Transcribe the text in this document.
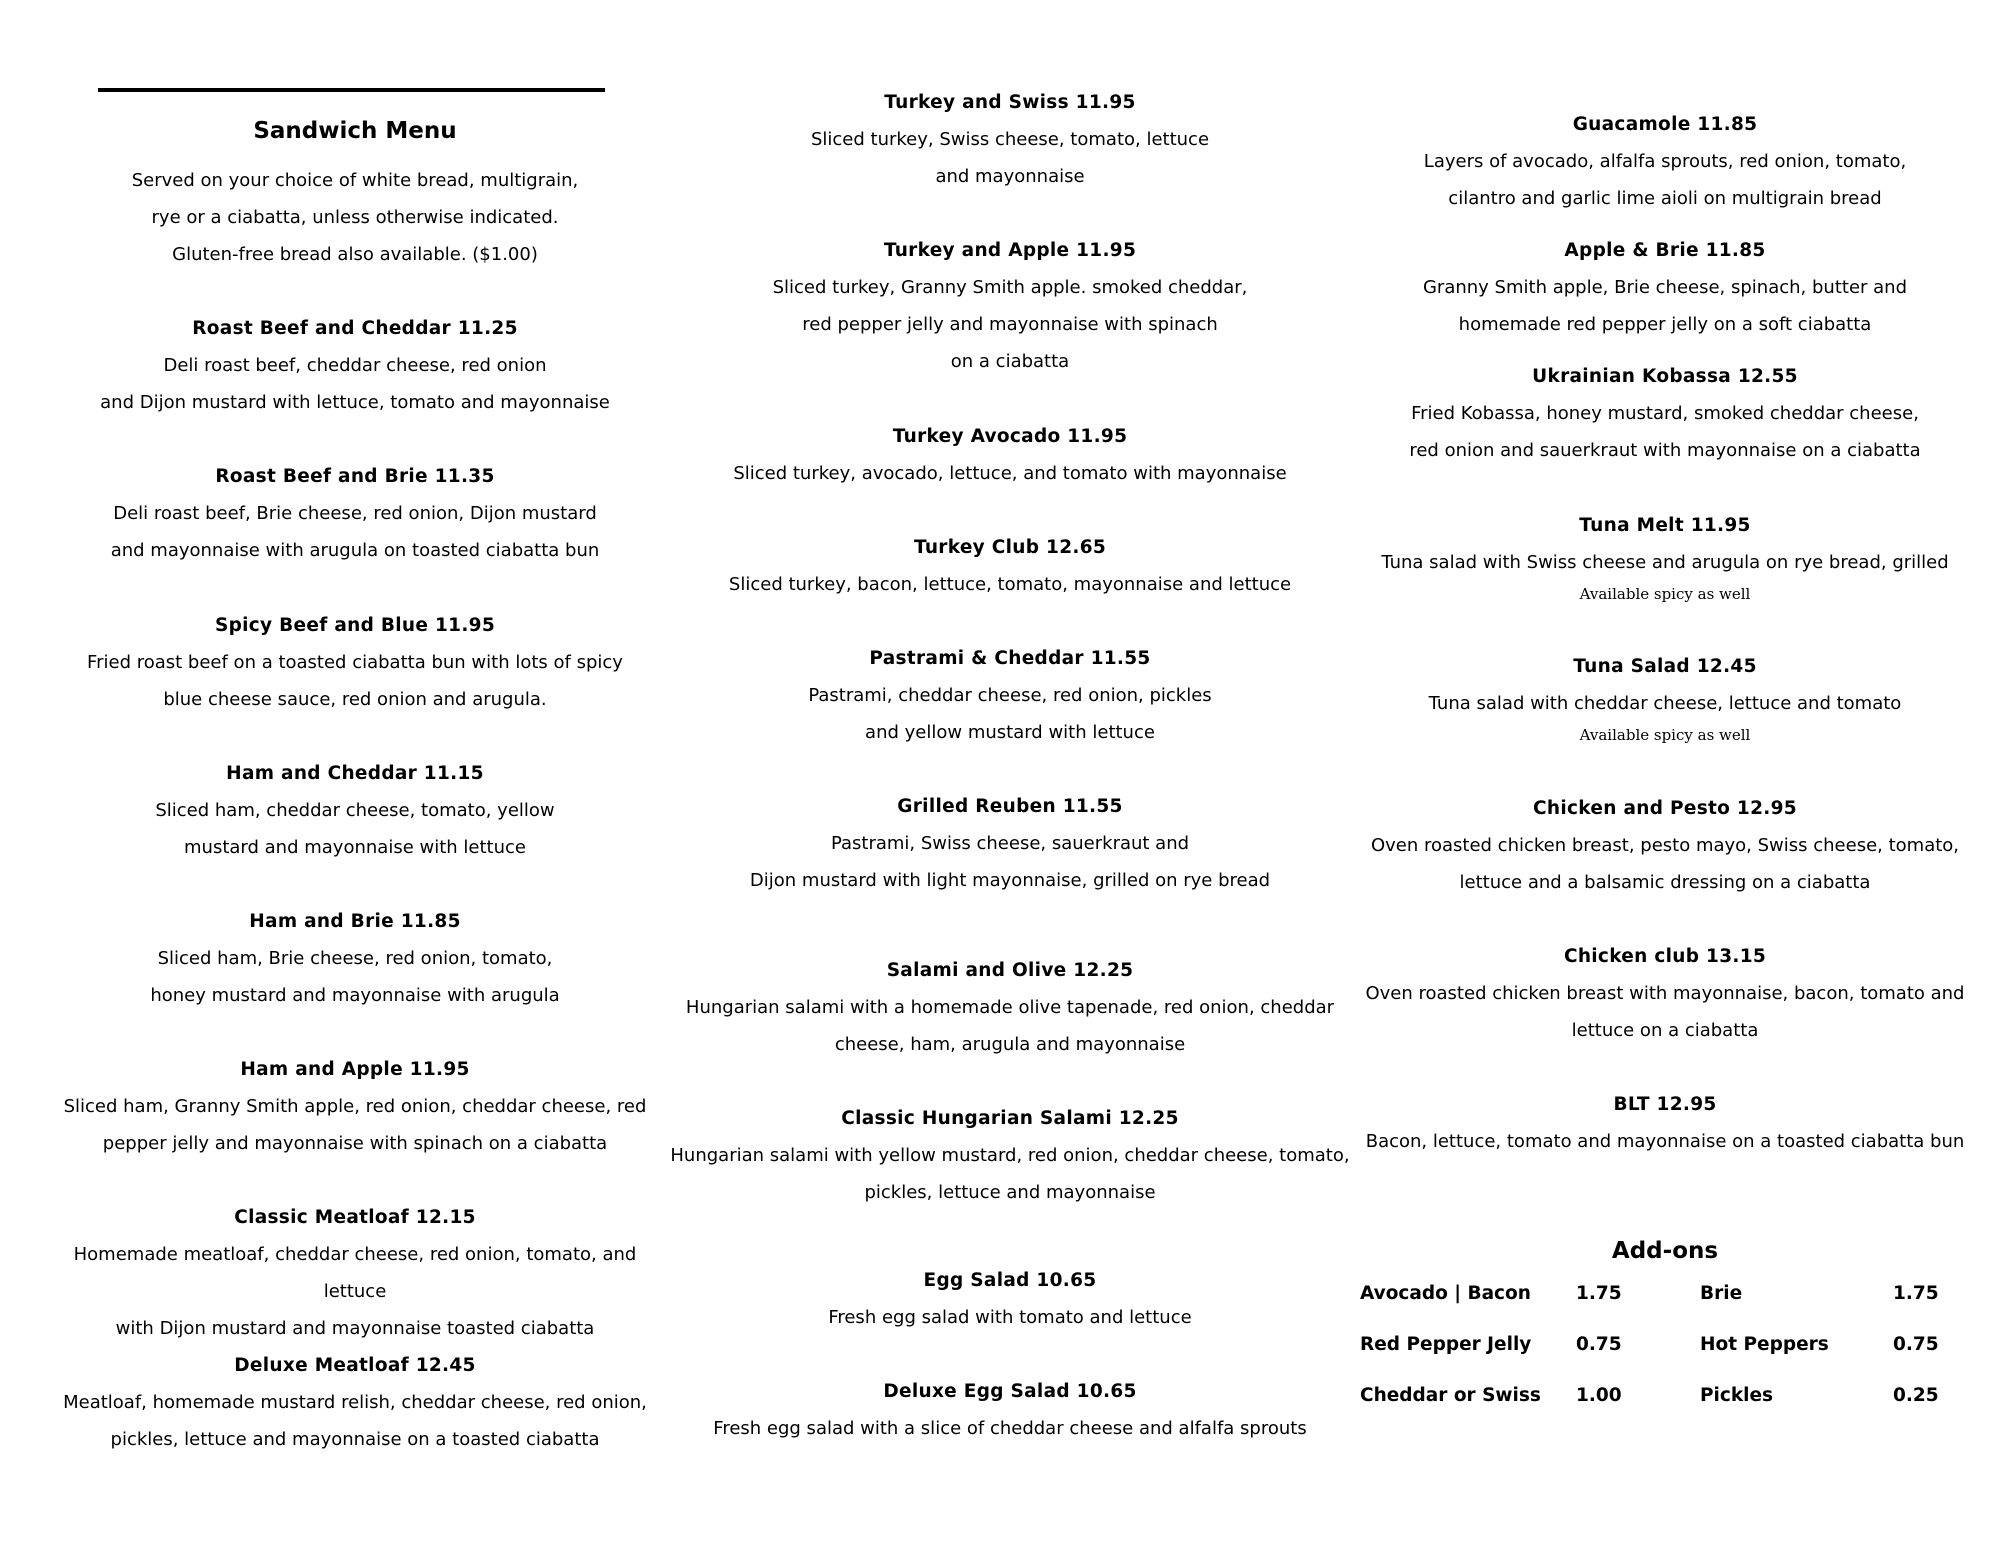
Sandwich Menu
Served on your choice of white bread, multigrain,
rye or a ciabatta, unless otherwise indicated.
Gluten-free bread also available. ($1.00)
Roast Beef and Cheddar 11.25
Deli roast beef, cheddar cheese, red onion
and Dijon mustard with lettuce, tomato and mayonnaise
Roast Beef and Brie 11.35
Deli roast beef, Brie cheese, red onion, Dijon mustard
and mayonnaise with arugula on toasted ciabatta bun
Spicy Beef and Blue 11.95
Fried roast beef on a toasted ciabatta bun with lots of spicy
blue cheese sauce, red onion and arugula.
Ham and Cheddar 11.15
Sliced ham, cheddar cheese, tomato, yellow
mustard and mayonnaise with lettuce
Ham and Brie 11.85
Sliced ham, Brie cheese, red onion, tomato,
honey mustard and mayonnaise with arugula
Ham and Apple 11.95
Sliced ham, Granny Smith apple, red onion, cheddar cheese, red
pepper jelly and mayonnaise with spinach on a ciabatta
Classic Meatloaf 12.15
Homemade meatloaf, cheddar cheese, red onion, tomato, and lettuce
with Dijon mustard and mayonnaise toasted ciabatta
Deluxe Meatloaf 12.45
Meatloaf, homemade mustard relish, cheddar cheese, red onion,
pickles, lettuce and mayonnaise on a toasted ciabatta
Turkey and Swiss 11.95
Sliced turkey, Swiss cheese, tomato, lettuce
and mayonnaise
Turkey and Apple 11.95
Sliced turkey, Granny Smith apple. smoked cheddar,
red pepper jelly and mayonnaise with spinach
on a ciabatta
Turkey Avocado 11.95
Sliced turkey, avocado, lettuce, and tomato with mayonnaise
Turkey Club 12.65
Sliced turkey, bacon, lettuce, tomato, mayonnaise and lettuce
Pastrami & Cheddar 11.55
Pastrami, cheddar cheese, red onion, pickles
and yellow mustard with lettuce
Grilled Reuben 11.55
Pastrami, Swiss cheese, sauerkraut and
Dijon mustard with light mayonnaise, grilled on rye bread
Salami and Olive 12.25
Hungarian salami with a homemade olive tapenade, red onion, cheddar
cheese, ham, arugula and mayonnaise
Classic Hungarian Salami 12.25
Hungarian salami with yellow mustard, red onion, cheddar cheese, tomato,
pickles, lettuce and mayonnaise
Egg Salad 10.65
Fresh egg salad with tomato and lettuce
Deluxe Egg Salad 10.65
Fresh egg salad with a slice of cheddar cheese and alfalfa sprouts
Guacamole 11.85
Layers of avocado, alfalfa sprouts, red onion, tomato,
cilantro and garlic lime aioli on multigrain bread
Apple & Brie 11.85
Granny Smith apple, Brie cheese, spinach, butter and
homemade red pepper jelly on a soft ciabatta
Ukrainian Kobassa 12.55
Fried Kobassa, honey mustard, smoked cheddar cheese,
red onion and sauerkraut with mayonnaise on a ciabatta
Tuna Melt 11.95
Tuna salad with Swiss cheese and arugula on rye bread, grilled
Available spicy as well
Tuna Salad 12.45
Tuna salad with cheddar cheese, lettuce and tomato
Available spicy as well
Chicken and Pesto 12.95
Oven roasted chicken breast, pesto mayo, Swiss cheese, tomato,
lettuce and a balsamic dressing on a ciabatta
Chicken club 13.15
Oven roasted chicken breast with mayonnaise, bacon, tomato and
lettuce on a ciabatta
BLT 12.95
Bacon, lettuce, tomato and mayonnaise on a toasted ciabatta bun
Add-ons
Avocado | Bacon 1.75	Brie	1.75
Red Pepper Jelly 0.75	Hot Peppers	0.75
Cheddar or Swiss 1.00	Pickles	0.25
